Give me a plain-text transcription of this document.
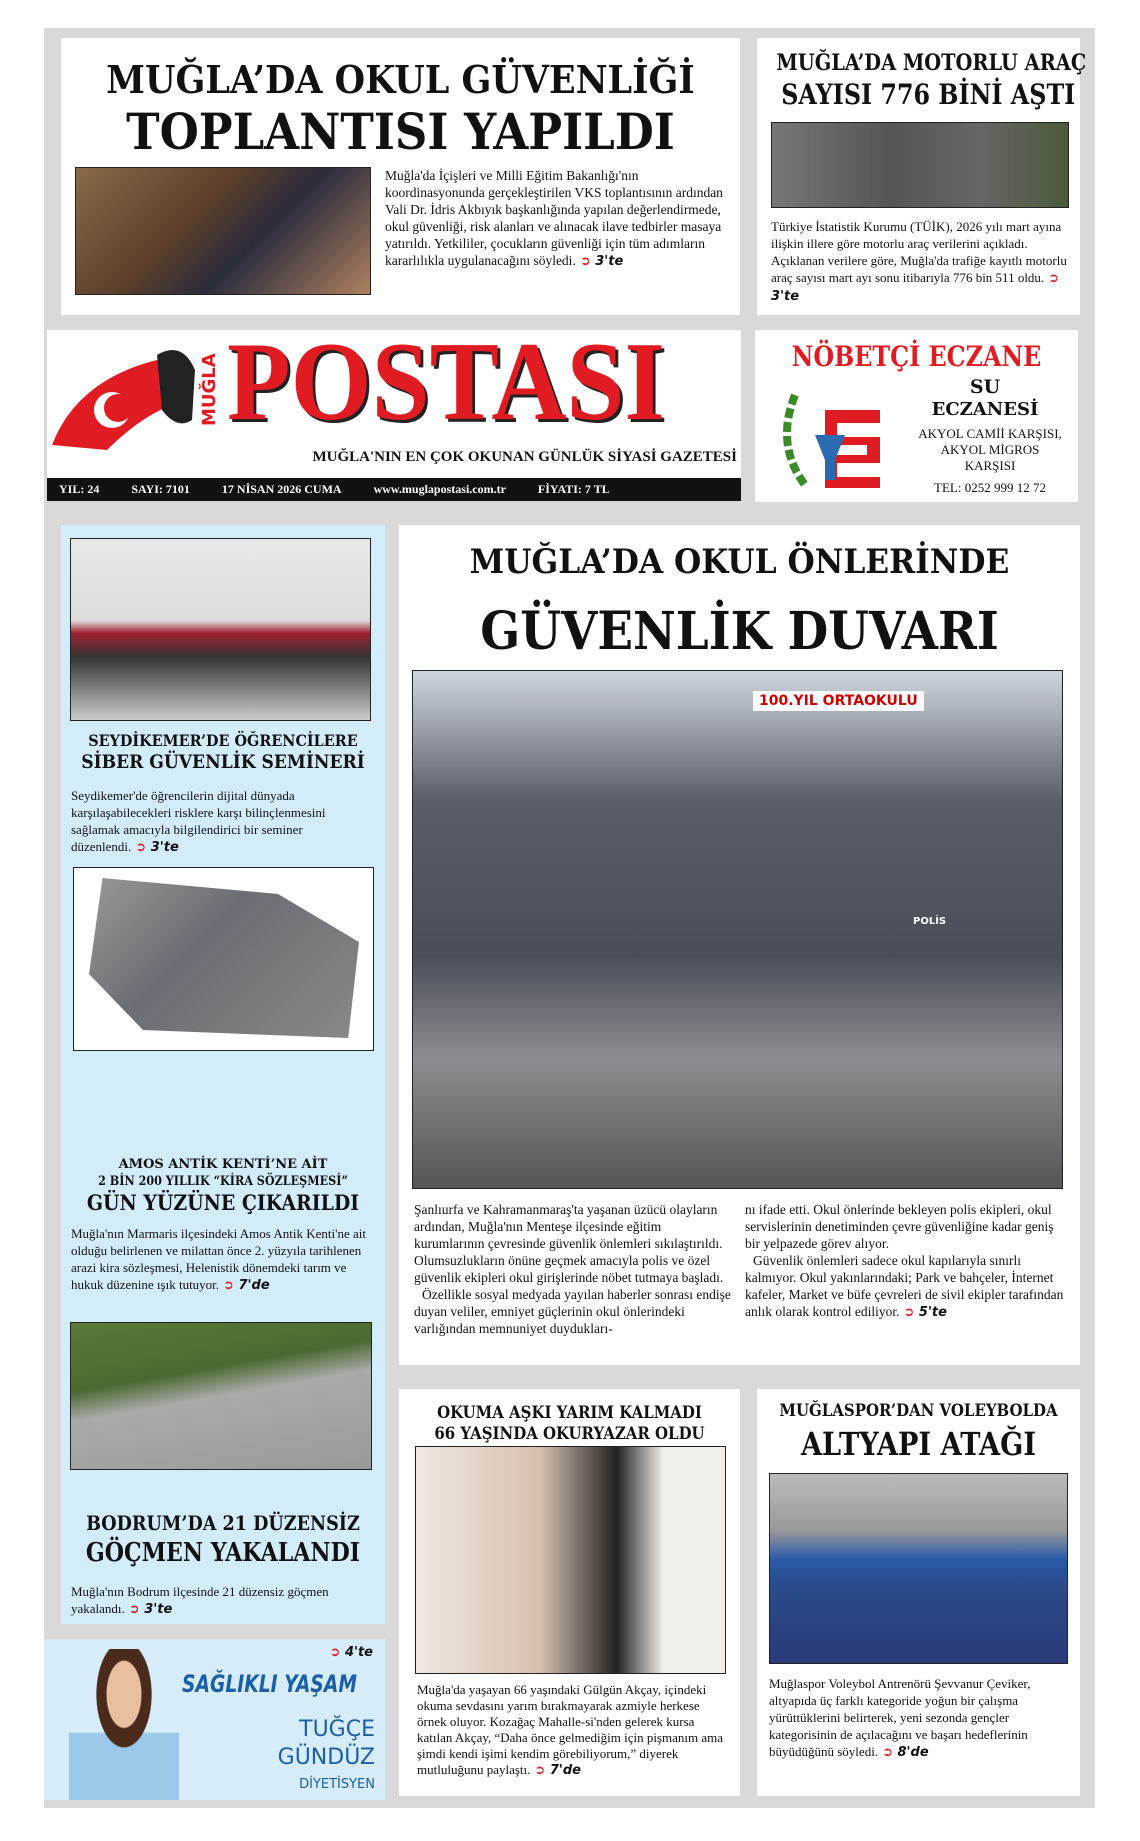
MUĞLA’DA OKUL GÜVENLİĞİ
TOPLANTISI YAPILDI
Muğla'da İçişleri ve Milli Eğitim Bakanlığı'nın koordinasyonunda gerçekleştirilen VKS toplantısının ardından Vali Dr. İdris Akbıyık başkanlığında yapılan değerlendirmede, okul güvenliği, risk alanları ve alınacak ilave tedbirler masaya yatırıldı. Yetkililer, çocukların güvenliği için tüm adımların kararlılıkla uygulanacağını söyledi. ➲ 3'te
MUĞLA’DA MOTORLU ARAÇ
SAYISI 776 BİNİ AŞTI
Türkiye İstatistik Kurumu (TÜİK), 2026 yılı mart ayına ilişkin illere göre motorlu araç verilerini açıkladı. Açıklanan verilere göre, Muğla'da trafiğe kayıtlı motorlu araç sayısı mart ayı sonu itibarıyla 776 bin 511 oldu. ➲ 3'te
MUĞLA POSTASI
MUĞLA'NIN EN ÇOK OKUNAN GÜNLÜK SİYASİ GAZETESİ
YIL: 24	SAYI: 7101	17 NİSAN 2026 CUMA	www.muglapostasi.com.tr	FİYATI: 7 TL
NÖBETÇİ ECZANE
SU
ECZANESİ
AKYOL CAMİİ KARŞISI, AKYOL MİGROS KARŞISI
TEL: 0252 999 12 72
SEYDİKEMER’DE ÖĞRENCİLERE
SİBER GÜVENLİK SEMİNERİ
Seydikemer'de öğrencilerin dijital dünyada karşılaşabilecekleri risklere karşı bilinçlenmesini sağlamak amacıyla bilgilendirici bir seminer düzenlendi. ➲ 3'te
AMOS ANTİK KENTİ’NE AİT
2 BİN 200 YILLIK “KİRA SÖZLEŞMESİ”
GÜN YÜZÜNE ÇIKARILDI
Muğla'nın Marmaris ilçesindeki Amos Antik Kenti'ne ait olduğu belirlenen ve milattan önce 2. yüzyıla tarihlenen arazi kira sözleşmesi, Helenistik dönemdeki tarım ve hukuk düzenine ışık tutuyor. ➲ 7'de
BODRUM’DA 21 DÜZENSİZ
GÖÇMEN YAKALANDI
Muğla'nın Bodrum ilçesinde 21 düzensiz göçmen yakalandı. ➲ 3'te
➲ 4'te
SAĞLIKLI YAŞAM
TUĞÇE
GÜNDÜZ
DİYETİSYEN
MUĞLA’DA OKUL ÖNLERİNDE
GÜVENLİK DUVARI
100.YIL ORTAOKULU
POLİS
Şanlıurfa ve Kahramanmaraş'ta yaşanan üzücü olayların ardından, Muğla'nın Menteşe ilçesinde eğitim kurumlarının çevresinde güvenlik önlemleri sıkılaştırıldı. Olumsuzlukların önüne geçmek amacıyla polis ve özel güvenlik ekipleri okul girişlerinde nöbet tutmaya başladı.
Özellikle sosyal medyada yayılan haberler sonrası endişe duyan veliler, emniyet güçlerinin okul önlerindeki varlığından memnuniyet duydukları-
nı ifade etti. Okul önlerinde bekleyen polis ekipleri, okul servislerinin denetiminden çevre güvenliğine kadar geniş bir yelpazede görev alıyor.
Güvenlik önlemleri sadece okul kapılarıyla sınırlı kalmıyor. Okul yakınlarındaki; Park ve bahçeler, İnternet kafeler, Market ve büfe çevreleri de sivil ekipler tarafından anlık olarak kontrol ediliyor. ➲ 5'te
OKUMA AŞKI YARIM KALMADI
66 YAŞINDA OKURYAZAR OLDU
Muğla'da yaşayan 66 yaşındaki Gülgün Akçay, içindeki okuma sevdasını yarım bırakmayarak azmiyle herkese örnek oluyor. Kozağaç Mahalle-si'nden gelerek kursa katılan Akçay, “Daha önce gelmediğim için pişmanım ama şimdi kendi işimi kendim görebiliyorum,” diyerek mutluluğunu paylaştı. ➲ 7'de
MUĞLASPOR’DAN VOLEYBOLDA
ALTYAPI ATAĞI
Muğlaspor Voleybol Antrenörü Şevvanur Çeviker, altyapıda üç farklı kategoride yoğun bir çalışma yürüttüklerini belirterek, yeni sezonda gençler kategorisinin de açılacağını ve başarı hedeflerinin büyüdüğünü söyledi. ➲ 8'de
